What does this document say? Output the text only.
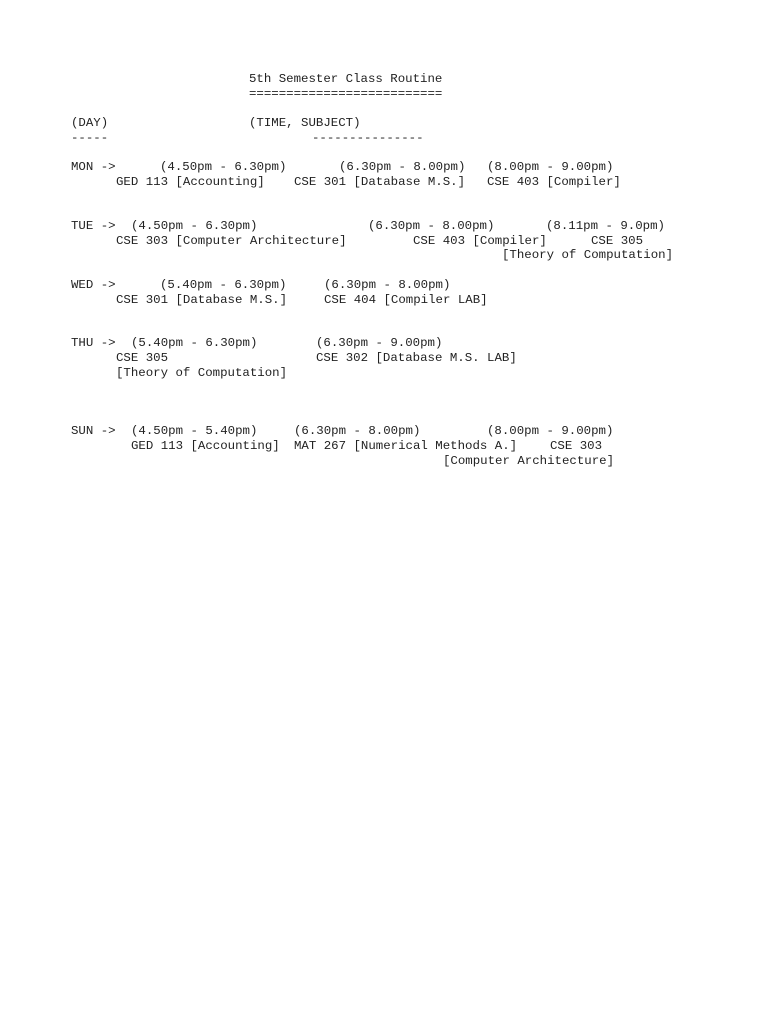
5th Semester Class Routine
==========================
(DAY)	(TIME, SUBJECT)
-----	---------------
MON ->	(4.50pm - 6.30pm)	(6.30pm - 8.00pm) (8.00pm - 9.00pm)
GED 113 [Accounting] CSE 301 [Database M.S.] CSE 403 [Compiler]
TUE -> (4.50pm - 6.30pm)	(6.30pm - 8.00pm)	(8.11pm - 9.0pm)
CSE 303 [Computer Architecture]	CSE 403 [Compiler]	CSE 305
[Theory of Computation]
WED ->	(5.40pm - 6.30pm)	(6.30pm - 8.00pm)
CSE 301 [Database M.S.]	CSE 404 [Compiler LAB]
THU -> (5.40pm - 6.30pm)	(6.30pm - 9.00pm)
CSE 305	CSE 302 [Database M.S. LAB]
[Theory of Computation]
SUN -> (4.50pm - 5.40pm)	(6.30pm - 8.00pm)	(8.00pm - 9.00pm)
GED 113 [Accounting] MAT 267 [Numerical Methods A.]	CSE 303
[Computer Architecture]
